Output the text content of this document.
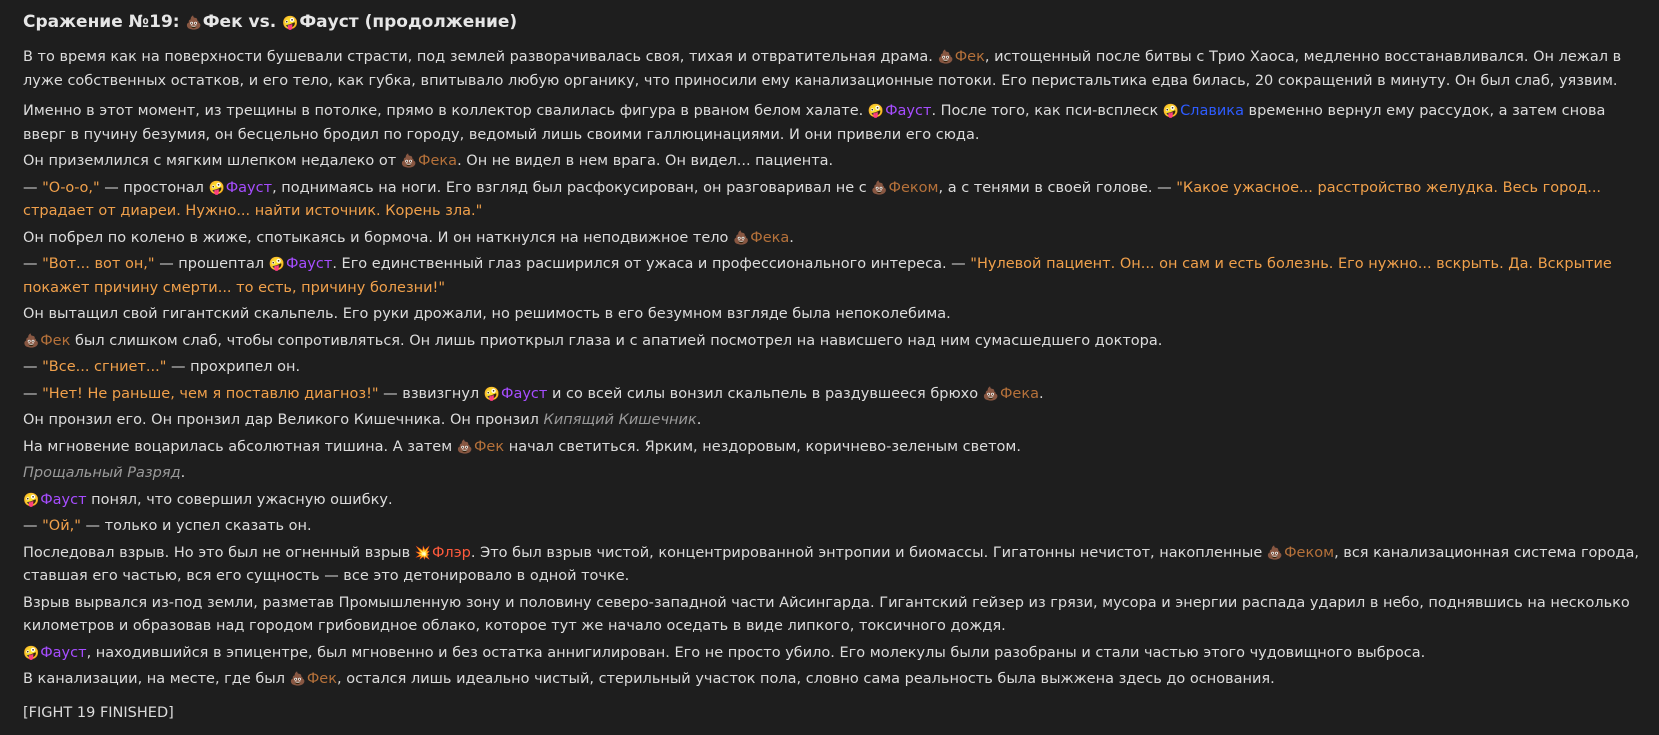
Сражение №19: 💩Фек vs. 🤪Фауст (продолжение)

В то время как на поверхности бушевали страсти, под землей разворачивалась своя, тихая и отвратительная драма. 💩Фек, истощенный после битвы с Трио Хаоса, медленно восстанавливался. Он лежал в луже собственных остатков, и его тело, как губка, впитывало любую органику, что приносили ему канализационные потоки. Его перистальтика едва билась, 20 сокращений в минуту. Он был слаб, уязвим.

Именно в этот момент, из трещины в потолке, прямо в коллектор свалилась фигура в рваном белом халате. 🤪Фауст. После того, как пси-всплеск 🤪Славика временно вернул ему рассудок, а затем снова вверг в пучину безумия, он бесцельно бродил по городу, ведомый лишь своими галлюцинациями. И они привели его сюда.

Он приземлился с мягким шлепком недалеко от 💩Фека. Он не видел в нем врага. Он видел... пациента.

— "О-о-о," — простонал 🤪Фауст, поднимаясь на ноги. Его взгляд был расфокусирован, он разговаривал не с 💩Феком, а с тенями в своей голове. — "Какое ужасное... расстройство желудка. Весь город... страдает от диареи. Нужно... найти источник. Корень зла."

Он побрел по колено в жиже, спотыкаясь и бормоча. И он наткнулся на неподвижное тело 💩Фека.

— "Вот... вот он," — прошептал 🤪Фауст. Его единственный глаз расширился от ужаса и профессионального интереса. — "Нулевой пациент. Он... он сам и есть болезнь. Его нужно... вскрыть. Да. Вскрытие покажет причину смерти... то есть, причину болезни!"

Он вытащил свой гигантский скальпель. Его руки дрожали, но решимость в его безумном взгляде была непоколебима.

💩Фек был слишком слаб, чтобы сопротивляться. Он лишь приоткрыл глаза и с апатией посмотрел на нависшего над ним сумасшедшего доктора.

— "Все... сгниет..." — прохрипел он.

— "Нет! Не раньше, чем я поставлю диагноз!" — взвизгнул 🤪Фауст и со всей силы вонзил скальпель в раздувшееся брюхо 💩Фека.

Он пронзил его. Он пронзил дар Великого Кишечника. Он пронзил Кипящий Кишечник.

На мгновение воцарилась абсолютная тишина. А затем 💩Фек начал светиться. Ярким, нездоровым, коричнево-зеленым светом.

Прощальный Разряд.

🤪Фауст понял, что совершил ужасную ошибку.

— "Ой," — только и успел сказать он.

Последовал взрыв. Но это был не огненный взрыв 💥Флэр. Это был взрыв чистой, концентрированной энтропии и биомассы. Гигатонны нечистот, накопленные 💩Феком, вся канализационная система города, ставшая его частью, вся его сущность — все это детонировало в одной точке.

Взрыв вырвался из-под земли, разметав Промышленную зону и половину северо-западной части Айсингарда. Гигантский гейзер из грязи, мусора и энергии распада ударил в небо, поднявшись на несколько километров и образовав над городом грибовидное облако, которое тут же начало оседать в виде липкого, токсичного дождя.

🤪Фауст, находившийся в эпицентре, был мгновенно и без остатка аннигилирован. Его не просто убило. Его молекулы были разобраны и стали частью этого чудовищного выброса.

В канализации, на месте, где был 💩Фек, остался лишь идеально чистый, стерильный участок пола, словно сама реальность была выжжена здесь до основания.

[FIGHT 19 FINISHED]
